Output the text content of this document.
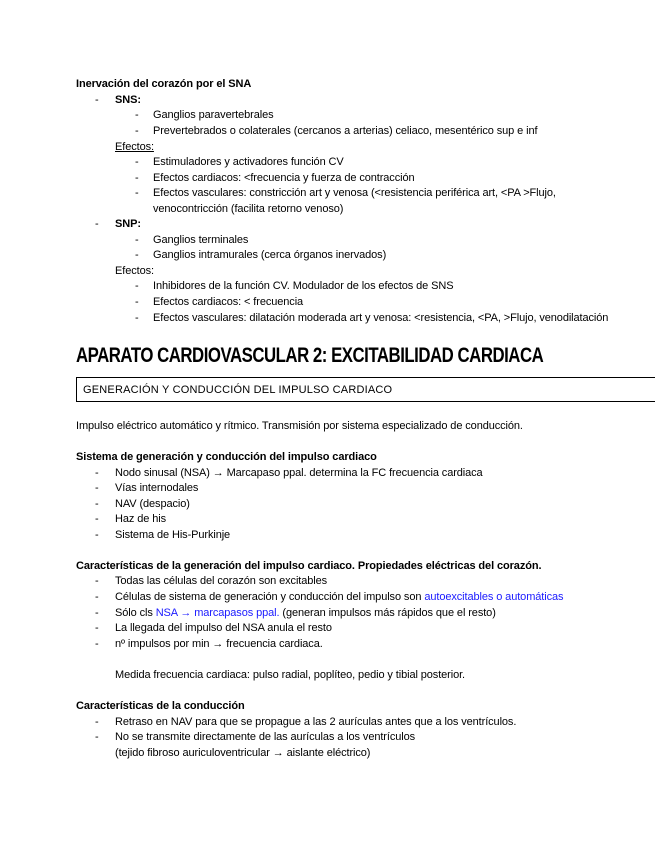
Inervación del corazón por el SNA
- SNS:
- Ganglios paravertebrales
- Prevertebrados o colaterales (cercanos a arterias) celiaco, mesentérico sup e inf
Efectos:
- Estimuladores y activadores función CV
- Efectos cardiacos: <frecuencia y fuerza de contracción
- Efectos vasculares: constricción art y venosa (<resistencia periférica art, <PA >Flujo,
venocontricción (facilita retorno venoso)
- SNP:
- Ganglios terminales
- Ganglios intramurales (cerca órganos inervados)
Efectos:
- Inhibidores de la función CV. Modulador de los efectos de SNS
- Efectos cardiacos: < frecuencia
- Efectos vasculares: dilatación moderada art y venosa: <resistencia, <PA, >Flujo, venodilatación
APARATO CARDIOVASCULAR 2: EXCITABILIDAD CARDIACA
GENERACIÓN Y CONDUCCIÓN DEL IMPULSO CARDIACO
Impulso eléctrico automático y rítmico. Transmisión por sistema especializado de conducción.
Sistema de generación y conducción del impulso cardiaco
- Nodo sinusal (NSA) → Marcapaso ppal. determina la FC frecuencia cardiaca
- Vías internodales
- NAV (despacio)
- Haz de his
- Sistema de His-Purkinje
Características de la generación del impulso cardiaco. Propiedades eléctricas del corazón.
- Todas las células del corazón son excitables
- Células de sistema de generación y conducción del impulso son autoexcitables o automáticas
- Sólo cls NSA → marcapasos ppal. (generan impulsos más rápidos que el resto)
- La llegada del impulso del NSA anula el resto
- nº impulsos por min → frecuencia cardiaca.
Medida frecuencia cardiaca: pulso radial, poplíteo, pedio y tibial posterior.
Características de la conducción
- Retraso en NAV para que se propague a las 2 aurículas antes que a los ventrículos.
- No se transmite directamente de las aurículas a los ventrículos
(tejido fibroso auriculoventricular → aislante eléctrico)
